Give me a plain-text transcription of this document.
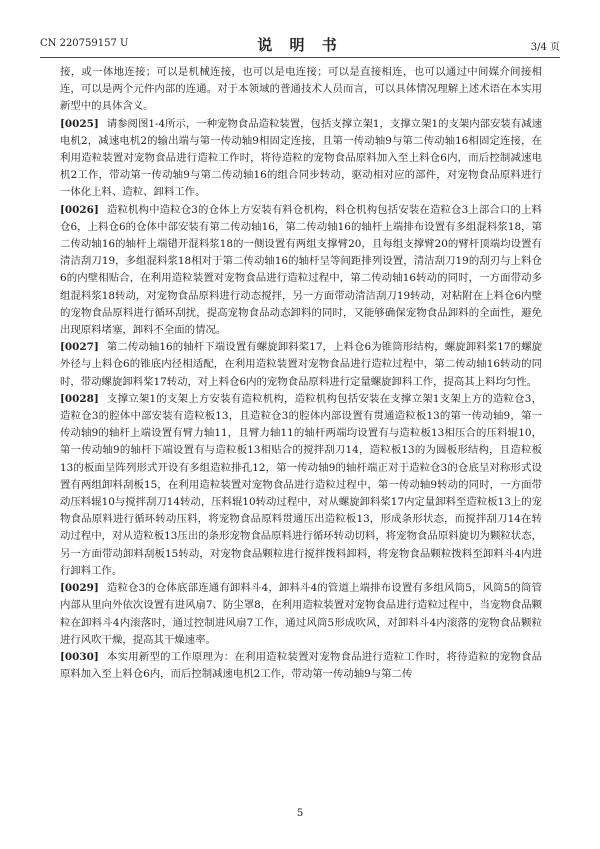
CN 220759157 U	说 明 书	3/4 页

接，或一体地连接；可以是机械连接，也可以是电连接；可以是直接相连，也可以通过中间媒介间接相连，可以是两个元件内部的连通。对于本领域的普通技术人员而言，可以具体情况理解上述术语在本实用新型中的具体含义。

[0025] 请参阅图1-4所示，一种宠物食品造粒装置，包括支撑立架1，支撑立架1的支架内部安装有减速电机2，减速电机2的输出端与第一传动轴9相固定连接，且第一传动轴9与第二传动轴16相固定连接，在利用造粒装置对宠物食品进行造粒工作时，将待造粒的宠物食品原料加入至上料仓6内，而后控制减速电机2工作，带动第一传动轴9与第二传动轴16的组合同步转动，驱动相对应的部件，对宠物食品原料进行一体化上料、造粒、卸料工作。

[0026] 造粒机构中造粒仓3的仓体上方安装有料仓机构，料仓机构包括安装在造粒仓3上部合口的上料仓6，上料仓6的仓体中部安装有第二传动轴16，第二传动轴16的轴杆上端排布设置有多组混料浆18，第二传动轴16的轴杆上端错开混料浆18的一侧设置有两组支撑臂20，且每组支撑臂20的臂杆顶端均设置有清洁刮刀19，多组混料浆18相对于第二传动轴16的轴杆呈等间距排列设置，清洁刮刀19的刮刃与上料仓6的内壁相贴合，在利用造粒装置对宠物食品进行造粒过程中，第二传动轴16转动的同时，一方面带动多组混料浆18转动，对宠物食品原料进行动态搅拌，另一方面带动清洁刮刀19转动，对粘附在上料仓6内壁的宠物食品原料进行循环刮扰，提高宠物食品动态卸料的同时，又能够确保宠物食品卸料的全面性，避免出现原料堵塞，卸料不全面的情况。

[0027] 第二传动轴16的轴杆下端设置有螺旋卸料桨17，上料仓6为锥筒形结构，螺旋卸料桨17的螺旋外径与上料仓6的锥底内径相适配，在利用造粒装置对宠物食品进行造粒过程中，第二传动轴16转动的同时，带动螺旋卸料桨17转动，对上料仓6内的宠物食品原料进行定量螺旋卸料工作，提高其上料均匀性。

[0028] 支撑立架1的支架上方安装有造粒机构，造粒机构包括安装在支撑立架1支架上方的造粒仓3，造粒仓3的腔体中部安装有造粒板13，且造粒仓3的腔体内部设置有贯通造粒板13的第一传动轴9，第一传动轴9的轴杆上端设置有臂力轴11，且臂力轴11的轴杆两端均设置有与造粒板13相压合的压料辊10，第一传动轴9的轴杆下端设置有与造粒板13相贴合的搅拌刮刀14，造粒板13的为圆板形结构，且造粒板13的板面呈阵列形式开设有多组造粒排孔12，第一传动轴9的轴杆端正对于造粒仓3的仓底呈对称形式设置有两组卸料刮板15，在利用造粒装置对宠物食品进行造粒过程中，第一传动轴9转动的同时，一方面带动压料辊10与搅拌刮刀14转动，压料辊10转动过程中，对从螺旋卸料桨17内定量卸料至造粒板13上的宠物食品原料进行循环转动压料，将宠物食品原料贯通压出造粒板13，形成条形状态，而搅拌刮刀14在转动过程中，对从造粒板13压出的条形宠物食品原料进行循环转动切料，将宠物食品原料旋切为颗粒状态，另一方面带动卸料刮板15转动，对宠物食品颗粒进行搅拌拨料卸料，将宠物食品颗粒拨料至卸料斗4内进行卸料工作。

[0029] 造粒仓3的仓体底部连通有卸料斗4，卸料斗4的管道上端排布设置有多组风筒5，风筒5的筒管内部从里向外依次设置有进风扇7、防尘罩8，在利用造粒装置对宠物食品进行造粒过程中，当宠物食品颗粒在卸料斗4内滚落时，通过控制进风扇7工作，通过风筒5形成吹风，对卸料斗4内滚落的宠物食品颗粒进行风吹干燥，提高其干燥速率。

[0030] 本实用新型的工作原理为：在利用造粒装置对宠物食品进行造粒工作时，将待造粒的宠物食品原料加入至上料仓6内，而后控制减速电机2工作，带动第一传动轴9与第二传

5
